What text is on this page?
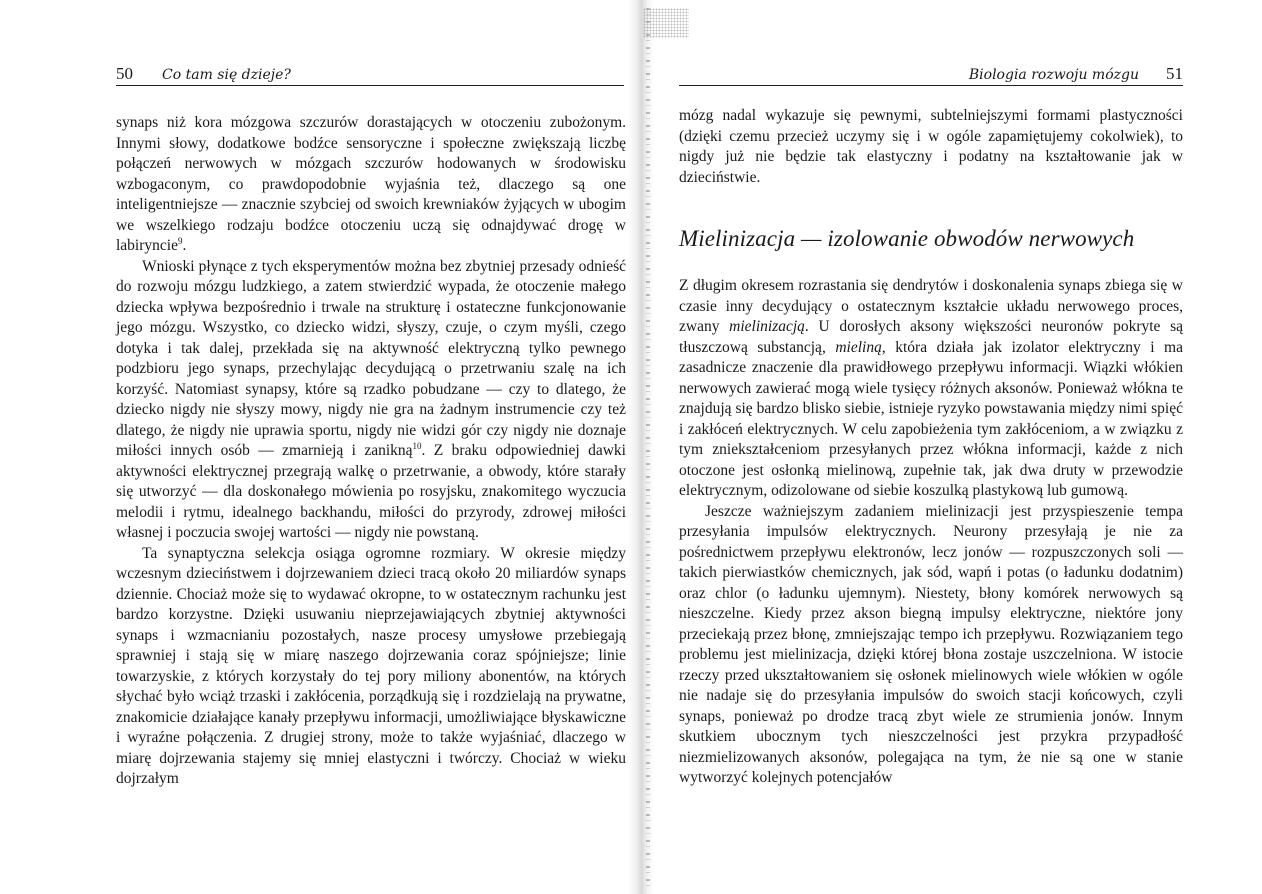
50 Co tam się dzieje?

synaps niż kora mózgowa szczurów dorastających w otoczeniu zubożonym. Innymi słowy, dodatkowe bodźce sensoryczne i społeczne zwiększają liczbę połączeń nerwowych w mózgach szczurów hodowanych w środowisku wzbogaconym, co prawdopodobnie wyjaśnia też, dlaczego są one inteligentniejsze — znacznie szybciej od swoich krewniaków żyjących w ubogim we wszelkiego rodzaju bodźce otoczeniu uczą się odnajdywać drogę w labiryncie$^9$.

Wnioski płynące z tych eksperymentów można bez zbytniej przesady odnieść do rozwoju mózgu ludzkiego, a zatem stwierdzić wypada, że otoczenie małego dziecka wpływa bezpośrednio i trwale na strukturę i ostateczne funkcjonowanie jego mózgu. Wszystko, co dziecko widzi, słyszy, czuje, o czym myśli, czego dotyka i tak dalej, przekłada się na aktywność elektryczną tylko pewnego podzbioru jego synaps, przechylając decydującą o przetrwaniu szalę na ich korzyść. Natomiast synapsy, które są rzadko pobudzane — czy to dlatego, że dziecko nigdy nie słyszy mowy, nigdy nie gra na żadnym instrumencie czy też dlatego, że nigdy nie uprawia sportu, nigdy nie widzi gór czy nigdy nie doznaje miłości innych osób — zmarnieją i zanikną$^{10}$. Z braku odpowiedniej dawki aktywności elektrycznej przegrają walkę o przetrwanie, a obwody, które starały się utworzyć — dla doskonałego mówienia po rosyjsku, znakomitego wyczucia melodii i rytmu, idealnego backhandu, miłości do przyrody, zdrowej miłości własnej i poczucia swojej wartości — nigdy nie powstaną.

Ta synaptyczna selekcja osiąga ogromne rozmiary. W okresie między wczesnym dzieciństwem i dojrzewaniem dzieci tracą około 20 miliardów synaps dziennie. Chociaż może się to wydawać okropne, to w ostatecznym rachunku jest bardzo korzystne. Dzięki usuwaniu nieprzejawiających zbytniej aktywności synaps i wzmacnianiu pozostałych, nasze procesy umysłowe przebiegają sprawniej i stają się w miarę naszego dojrzewania coraz spójniejsze; linie towarzyskie, z których korzystały do tej pory miliony abonentów, na których słychać było wciąż trzaski i zakłócenia, porządkują się i rozdzielają na prywatne, znakomicie działające kanały przepływu informacji, umożliwiające błyskawiczne i wyraźne połączenia. Z drugiej strony, może to także wyjaśniać, dlaczego w miarę dojrzewania stajemy się mniej elastyczni i twórczy. Chociaż w wieku dojrzałym

Biologia rozwoju mózgu 51

mózg nadal wykazuje się pewnymi, subtelniejszymi formami plastyczności (dzięki czemu przecież uczymy się i w ogóle zapamiętujemy cokolwiek), to nigdy już nie będzie tak elastyczny i podatny na kształtowanie jak w dzieciństwie.

Mielinizacja — izolowanie obwodów nerwowych

Z długim okresem rozrastania się dendrytów i doskonalenia synaps zbiega się w czasie inny decydujący o ostatecznym kształcie układu nerwowego proces, zwany mielinizacją. U dorosłych aksony większości neuronów pokryte są tłuszczową substancją, mieliną, która działa jak izolator elektryczny i ma zasadnicze znaczenie dla prawidłowego przepływu informacji. Wiązki włókien nerwowych zawierać mogą wiele tysięcy różnych aksonów. Ponieważ włókna te znajdują się bardzo blisko siebie, istnieje ryzyko powstawania między nimi spięć i zakłóceń elektrycznych. W celu zapobieżenia tym zakłóceniom, a w związku z tym zniekształceniom przesyłanych przez włókna informacji, każde z nich otoczone jest osłonką mielinową, zupełnie tak, jak dwa druty w przewodzie elektrycznym, odizolowane od siebie koszulką plastykową lub gumową.

Jeszcze ważniejszym zadaniem mielinizacji jest przyspieszenie tempa przesyłania impulsów elektrycznych. Neurony przesyłają je nie za pośrednictwem przepływu elektronów, lecz jonów — rozpuszczonych soli — takich pierwiastków chemicznych, jak sód, wapń i potas (o ładunku dodatnim) oraz chlor (o ładunku ujemnym). Niestety, błony komórek nerwowych są nieszczelne. Kiedy przez akson biegną impulsy elektryczne, niektóre jony przeciekają przez błonę, zmniejszając tempo ich przepływu. Rozwiązaniem tego problemu jest mielinizacja, dzięki której błona zostaje uszczelniona. W istocie rzeczy przed ukształtowaniem się osłonek mielinowych wiele włókien w ogóle nie nadaje się do przesyłania impulsów do swoich stacji końcowych, czyli synaps, ponieważ po drodze tracą zbyt wiele ze strumienia jonów. Innym skutkiem ubocznym tych nieszczelności jest przykra przypadłość niezmielizowanych aksonów, polegająca na tym, że nie są one w stanie wytworzyć kolejnych potencjałów
